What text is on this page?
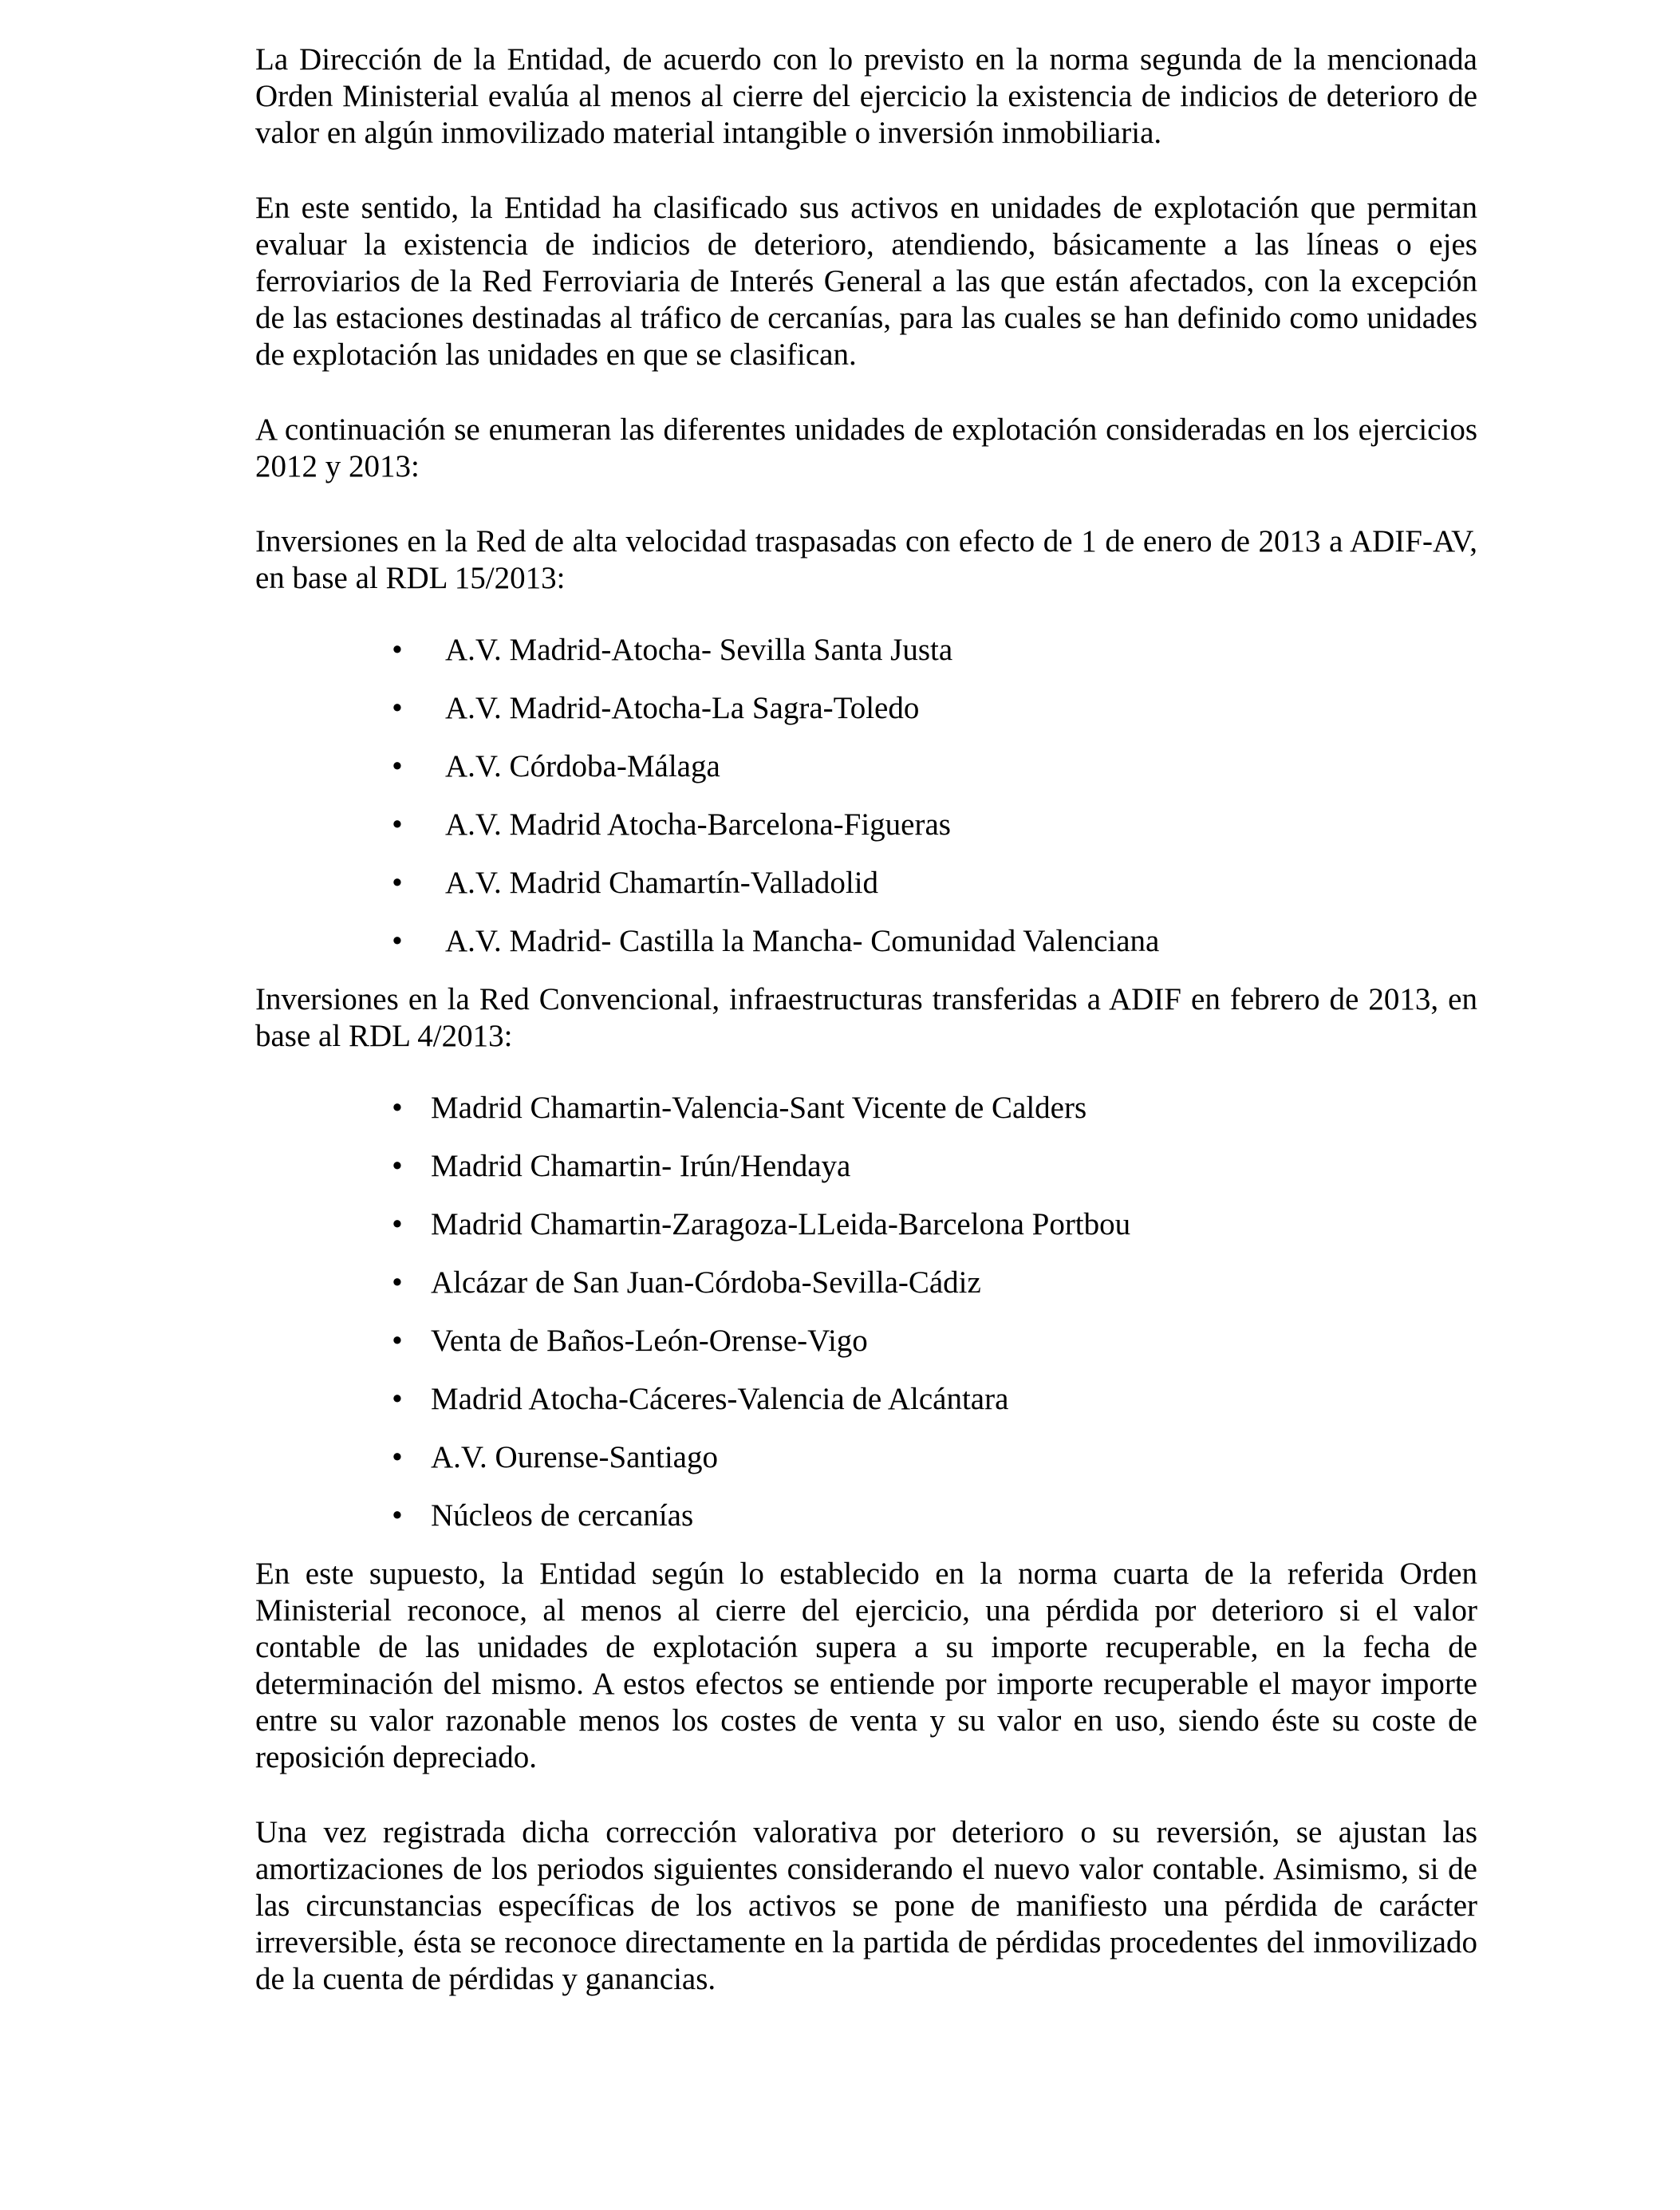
La Dirección de la Entidad, de acuerdo con lo previsto en la norma segunda de la mencionada Orden Ministerial evalúa al menos al cierre del ejercicio la existencia de indicios de deterioro de valor en algún inmovilizado material intangible o inversión inmobiliaria.

En este sentido, la Entidad ha clasificado sus activos en unidades de explotación que permitan evaluar la existencia de indicios de deterioro, atendiendo, básicamente a las líneas o ejes ferroviarios de la Red Ferroviaria de Interés General a las que están afectados, con la excepción de las estaciones destinadas al tráfico de cercanías, para las cuales se han definido como unidades de explotación las unidades en que se clasifican.

A continuación se enumeran las diferentes unidades de explotación consideradas en los ejercicios 2012 y 2013:

Inversiones en la Red de alta velocidad traspasadas con efecto de 1 de enero de 2013 a ADIF-AV, en base al RDL 15/2013:

• A.V. Madrid-Atocha- Sevilla Santa Justa
• A.V. Madrid-Atocha-La Sagra-Toledo
• A.V. Córdoba-Málaga
• A.V. Madrid Atocha-Barcelona-Figueras
• A.V. Madrid Chamartín-Valladolid
• A.V. Madrid- Castilla la Mancha- Comunidad Valenciana

Inversiones en la Red Convencional, infraestructuras transferidas a ADIF en febrero de 2013, en base al RDL 4/2013:

• Madrid Chamartin-Valencia-Sant Vicente de Calders
• Madrid Chamartin- Irún/Hendaya
• Madrid Chamartin-Zaragoza-LLeida-Barcelona Portbou
• Alcázar de San Juan-Córdoba-Sevilla-Cádiz
• Venta de Baños-León-Orense-Vigo
• Madrid Atocha-Cáceres-Valencia de Alcántara
• A.V. Ourense-Santiago
• Núcleos de cercanías

En este supuesto, la Entidad según lo establecido en la norma cuarta de la referida Orden Ministerial reconoce, al menos al cierre del ejercicio, una pérdida por deterioro si el valor contable de las unidades de explotación supera a su importe recuperable, en la fecha de determinación del mismo. A estos efectos se entiende por importe recuperable el mayor importe entre su valor razonable menos los costes de venta y su valor en uso, siendo éste su coste de reposición depreciado.

Una vez registrada dicha corrección valorativa por deterioro o su reversión, se ajustan las amortizaciones de los periodos siguientes considerando el nuevo valor contable. Asimismo, si de las circunstancias específicas de los activos se pone de manifiesto una pérdida de carácter irreversible, ésta se reconoce directamente en la partida de pérdidas procedentes del inmovilizado de la cuenta de pérdidas y ganancias.
